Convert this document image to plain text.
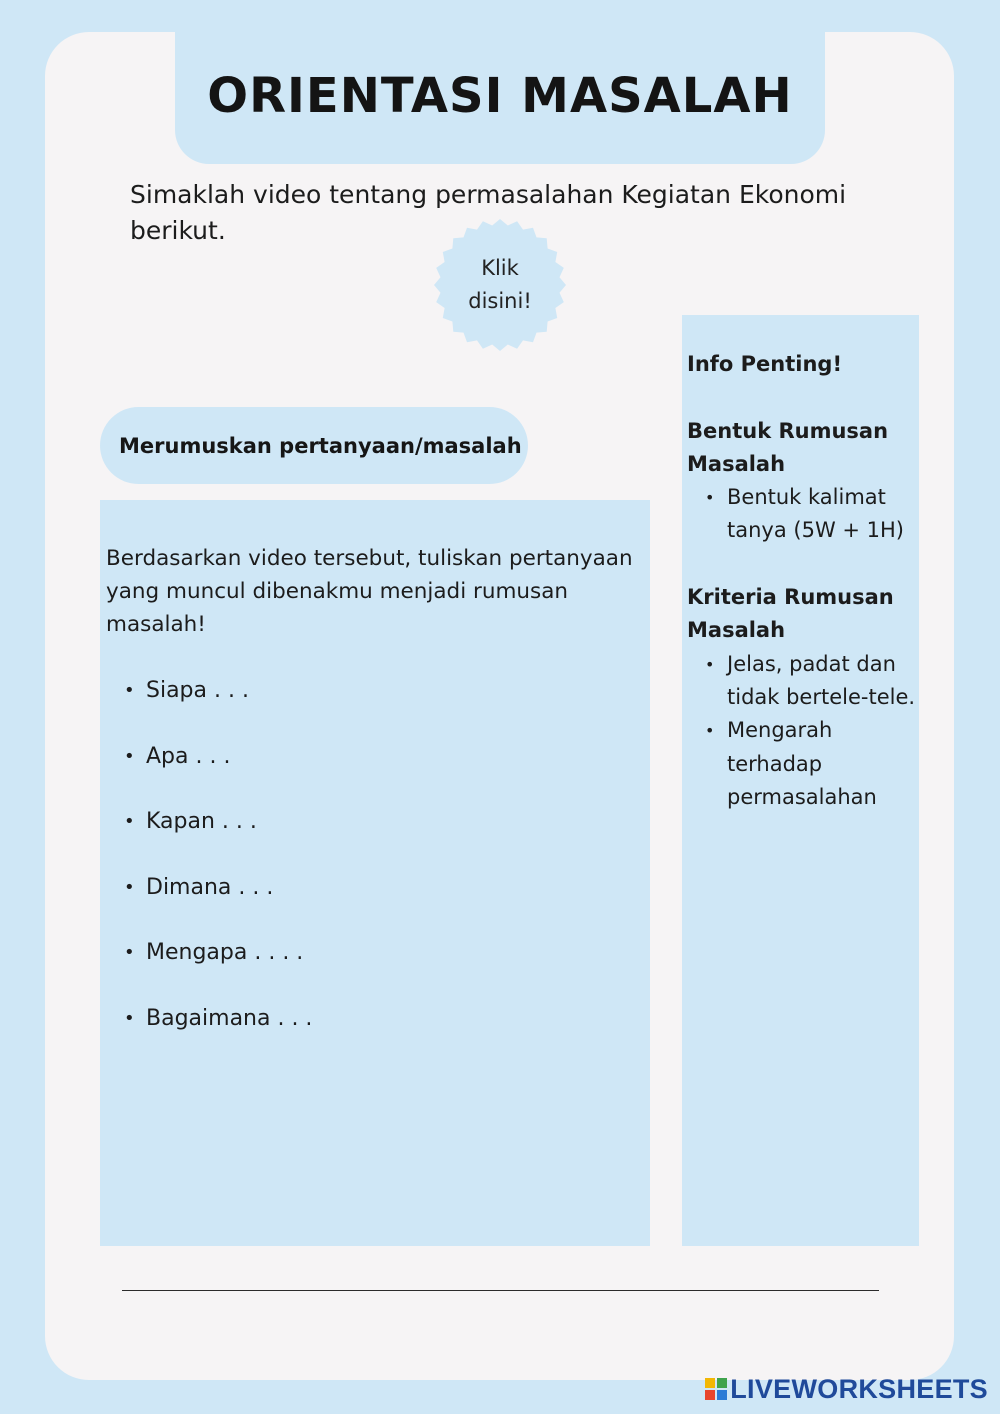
ORIENTASI MASALAH
Simaklah video tentang permasalahan Kegiatan Ekonomi berikut.
Klik
disini!
Merumuskan pertanyaan/masalah
Berdasarkan video tersebut, tuliskan pertanyaan yang muncul dibenakmu menjadi rumusan masalah!
• Siapa . . .
• Apa . . .
• Kapan . . .
• Dimana . . .
• Mengapa . . . .
• Bagaimana . . .
Info Penting!
Bentuk Rumusan Masalah
• Bentuk kalimat tanya (5W + 1H)
Kriteria Rumusan Masalah
• Jelas, padat dan tidak bertele-tele.
• Mengarah terhadap permasalahan
LIVEWORKSHEETS
